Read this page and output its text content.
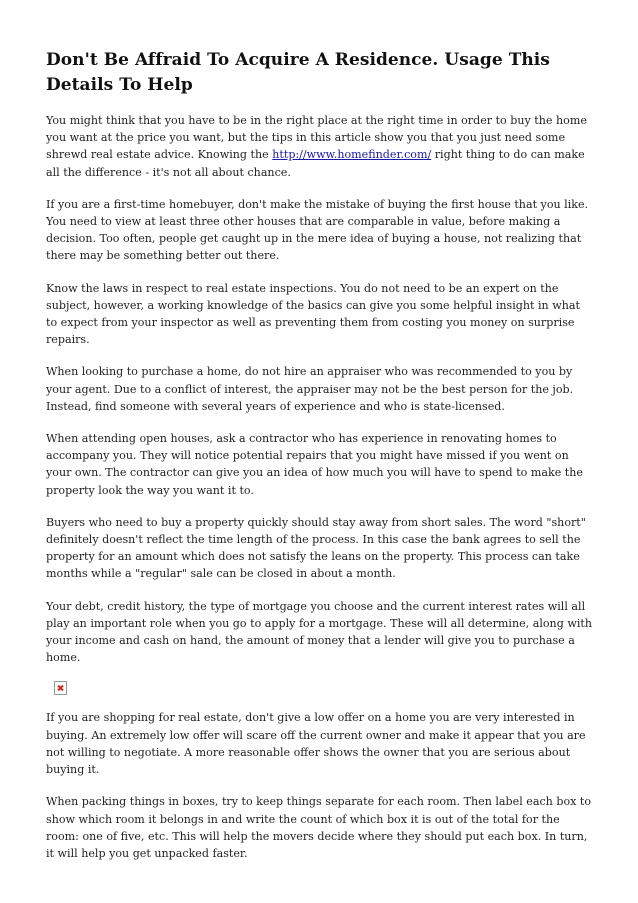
Don't Be Affraid To Acquire A Residence. Usage This Details To Help

You might think that you have to be in the right place at the right time in order to buy the home you want at the price you want, but the tips in this article show you that you just need some shrewd real estate advice. Knowing the http://www.homefinder.com/ right thing to do can make all the difference - it's not all about chance.

If you are a first-time homebuyer, don't make the mistake of buying the first house that you like. You need to view at least three other houses that are comparable in value, before making a decision. Too often, people get caught up in the mere idea of buying a house, not realizing that there may be something better out there.

Know the laws in respect to real estate inspections. You do not need to be an expert on the subject, however, a working knowledge of the basics can give you some helpful insight in what to expect from your inspector as well as preventing them from costing you money on surprise repairs.

When looking to purchase a home, do not hire an appraiser who was recommended to you by your agent. Due to a conflict of interest, the appraiser may not be the best person for the job. Instead, find someone with several years of experience and who is state-licensed.

When attending open houses, ask a contractor who has experience in renovating homes to accompany you. They will notice potential repairs that you might have missed if you went on your own. The contractor can give you an idea of how much you will have to spend to make the property look the way you want it to.

Buyers who need to buy a property quickly should stay away from short sales. The word "short" definitely doesn't reflect the time length of the process. In this case the bank agrees to sell the property for an amount which does not satisfy the leans on the property. This process can take months while a "regular" sale can be closed in about a month.

Your debt, credit history, the type of mortgage you choose and the current interest rates will all play an important role when you go to apply for a mortgage. These will all determine, along with your income and cash on hand, the amount of money that a lender will give you to purchase a home.

If you are shopping for real estate, don't give a low offer on a home you are very interested in buying. An extremely low offer will scare off the current owner and make it appear that you are not willing to negotiate. A more reasonable offer shows the owner that you are serious about buying it.

When packing things in boxes, try to keep things separate for each room. Then label each box to show which room it belongs in and write the count of which box it is out of the total for the room: one of five, etc. This will help the movers decide where they should put each box. In turn, it will help you get unpacked faster.
